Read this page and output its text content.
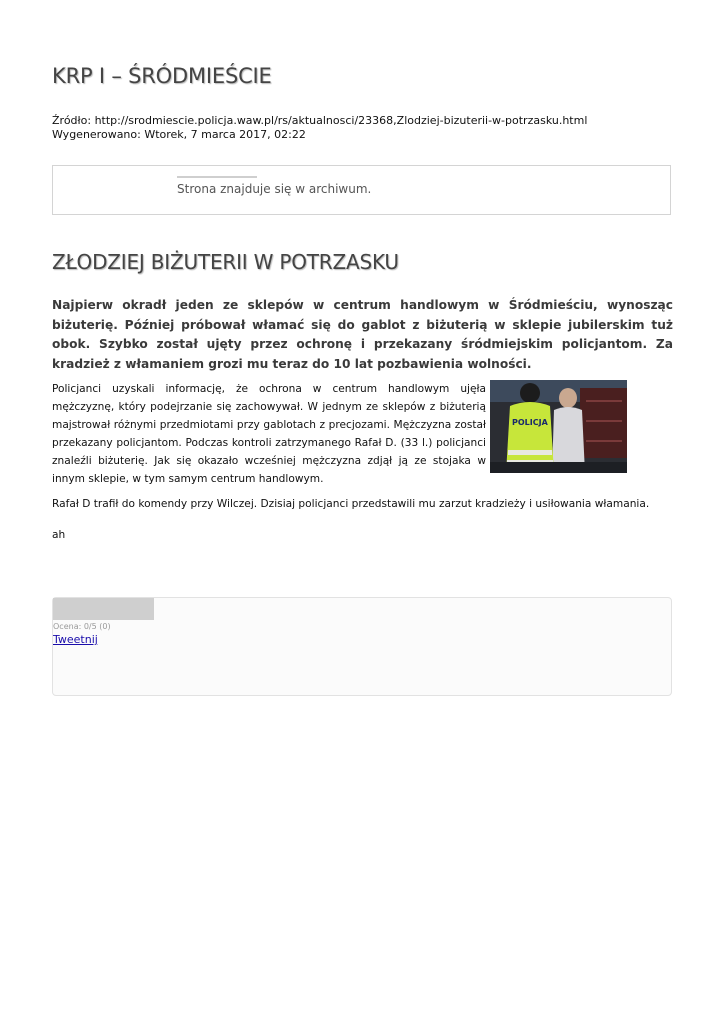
KRP I – ŚRÓDMIEŚCIE
Źródło: http://srodmiescie.policja.waw.pl/rs/aktualnosci/23368,Zlodziej-bizuterii-w-potrzasku.html
Wygenerowano: Wtorek, 7 marca 2017, 02:22
Strona znajduje się w archiwum.
ZŁODZIEJ BIŻUTERII W POTRZASKU
Najpierw okradł jeden ze sklepów w centrum handlowym w Śródmieściu, wynosząc biżuterię. Później próbował włamać się do gablot z biżuterią w sklepie jubilerskim tuż obok. Szybko został ujęty przez ochronę i przekazany śródmiejskim policjantom. Za kradzież z włamaniem grozi mu teraz do 10 lat pozbawienia wolności.
Policjanci uzyskali informację, że ochrona w centrum handlowym ujęła mężczyznę, który podejrzanie się zachowywał. W jednym ze sklepów z biżuterią majstrował różnymi przedmiotami przy gablotach z precjozami. Mężczyzna został przekazany policjantom. Podczas kontroli zatrzymanego Rafał D. (33 l.) policjanci znaleźli biżuterię. Jak się okazało wcześniej mężczyzna zdjął ją ze stojaka w innym sklepie, w tym samym centrum handlowym.
POLICJA
Rafał D trafił do komendy przy Wilczej. Dzisiaj policjanci przedstawili mu zarzut kradzieży i usiłowania włamania.
ah
Ocena: 0/5 (0)
Tweetnij
